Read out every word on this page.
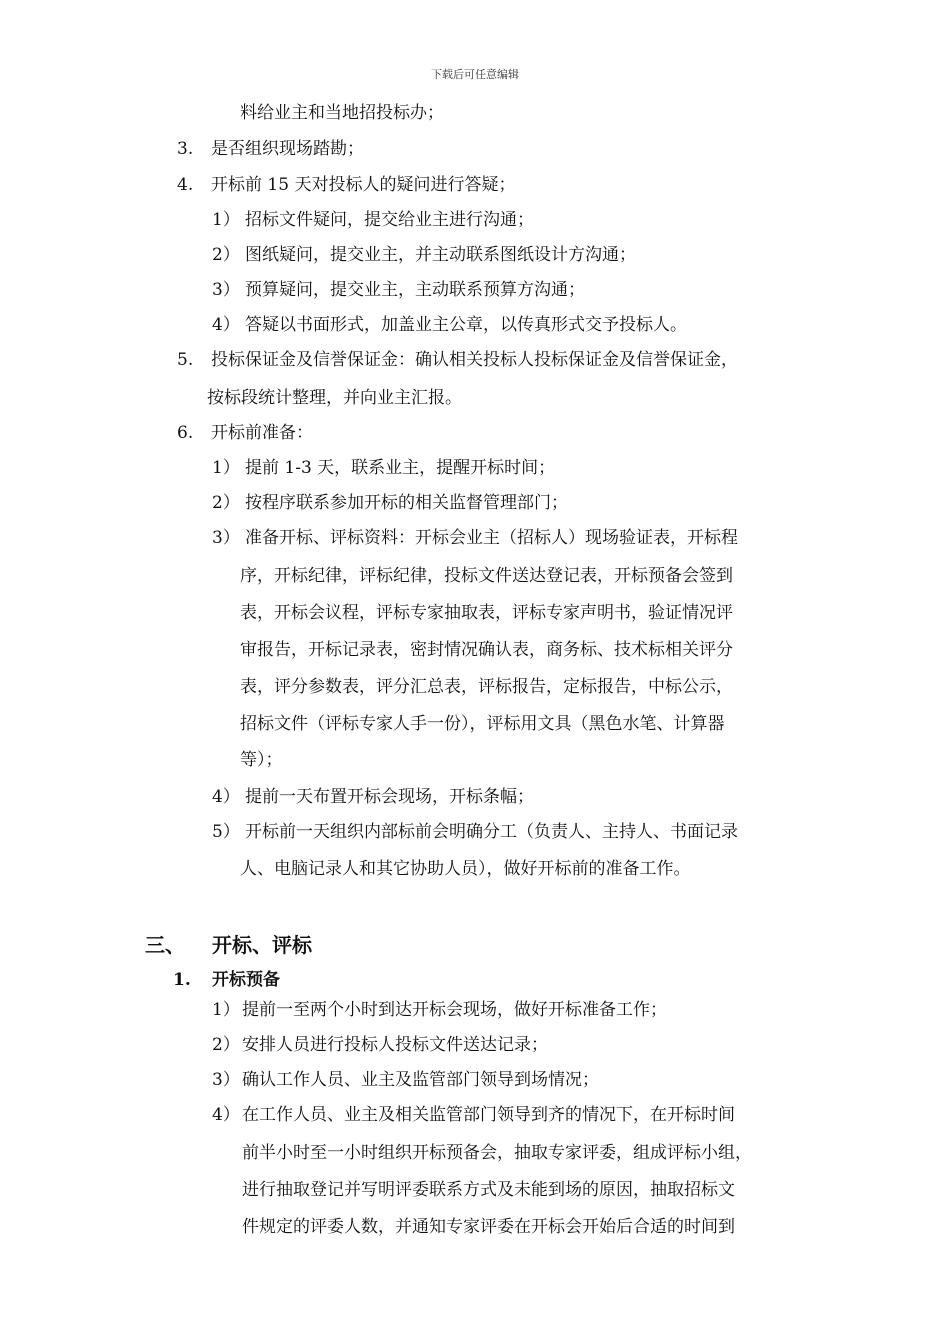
下载后可任意编辑
料给业主和当地招投标办；
3. 是否组织现场踏勘；
4. 开标前 15 天对投标人的疑问进行答疑；
1） 招标文件疑问，提交给业主进行沟通；
2） 图纸疑问，提交业主，并主动联系图纸设计方沟通；
3） 预算疑问，提交业主，主动联系预算方沟通；
4） 答疑以书面形式，加盖业主公章，以传真形式交予投标人。
5. 投标保证金及信誉保证金：确认相关投标人投标保证金及信誉保证金，
按标段统计整理，并向业主汇报。
6. 开标前准备：
1） 提前 1-3 天，联系业主，提醒开标时间；
2） 按程序联系参加开标的相关监督管理部门；
3） 准备开标、评标资料：开标会业主（招标人）现场验证表，开标程
序，开标纪律，评标纪律，投标文件送达登记表，开标预备会签到
表，开标会议程，评标专家抽取表，评标专家声明书，验证情况评
审报告，开标记录表，密封情况确认表，商务标、技术标相关评分
表，评分参数表，评分汇总表，评标报告，定标报告，中标公示，
招标文件（评标专家人手一份），评标用文具（黑色水笔、计算器
等）；
4） 提前一天布置开标会现场，开标条幅；
5） 开标前一天组织内部标前会明确分工（负责人、主持人、书面记录
人、电脑记录人和其它协助人员），做好开标前的准备工作。
三、 开标、评标
1. 开标预备
1） 提前一至两个小时到达开标会现场，做好开标准备工作；
2） 安排人员进行投标人投标文件送达记录；
3） 确认工作人员、业主及监管部门领导到场情况；
4） 在工作人员、业主及相关监管部门领导到齐的情况下，在开标时间
前半小时至一小时组织开标预备会，抽取专家评委，组成评标小组，
进行抽取登记并写明评委联系方式及未能到场的原因，抽取招标文
件规定的评委人数，并通知专家评委在开标会开始后合适的时间到
